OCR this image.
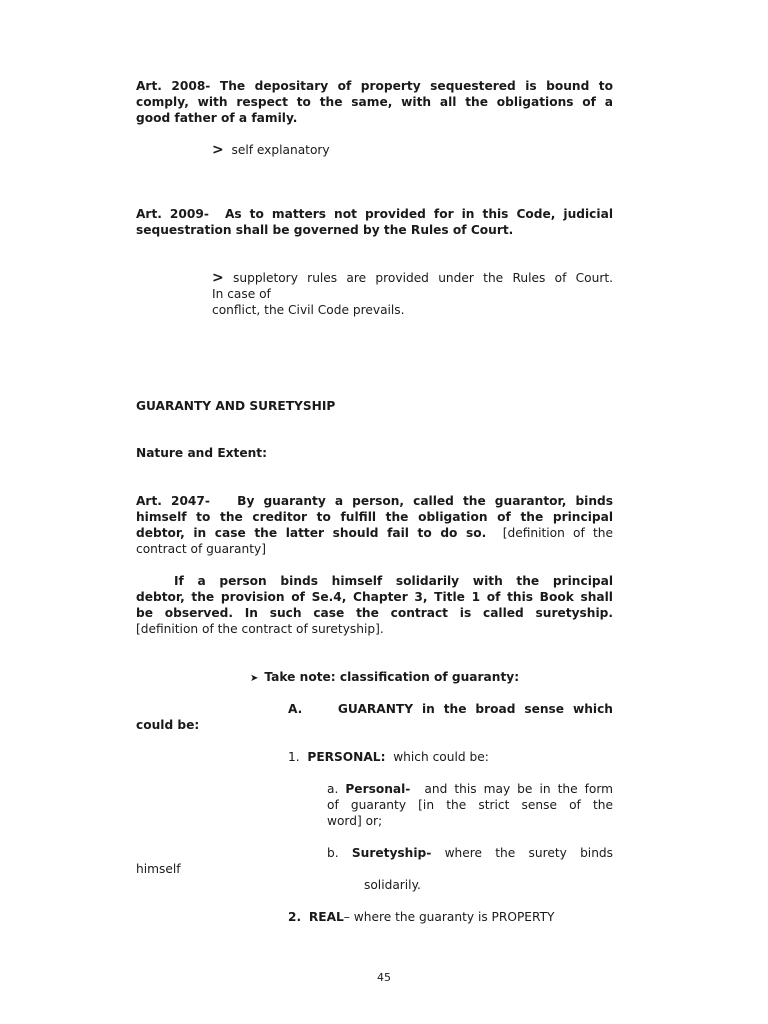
Art. 2008- The depositary of property sequestered is bound to
comply, with respect to the same, with all the obligations of a
good father of a family.
> self explanatory
Art. 2009- As to matters not provided for in this Code, judicial
sequestration shall be governed by the Rules of Court.
> suppletory rules are provided under the Rules of Court.
In case of
conflict, the Civil Code prevails.
GUARANTY AND SURETYSHIP
Nature and Extent:
Art. 2047- By guaranty a person, called the guarantor, binds
himself to the creditor to fulfill the obligation of the principal
debtor, in case the latter should fail to do so. [definition of the
contract of guaranty]
If a person binds himself solidarily with the principal
debtor, the provision of Se.4, Chapter 3, Title 1 of this Book shall
be observed. In such case the contract is called suretyship.
[definition of the contract of suretyship].
➤ Take note: classification of guaranty:
A.	GUARANTY in the broad sense which
could be:
1. PERSONAL: which could be:
a. Personal- and this may be in the form
of guaranty [in the strict sense of the
word] or;
b. Suretyship- where the surety binds
himself
solidarily.
2. REAL– where the guaranty is PROPERTY
45
